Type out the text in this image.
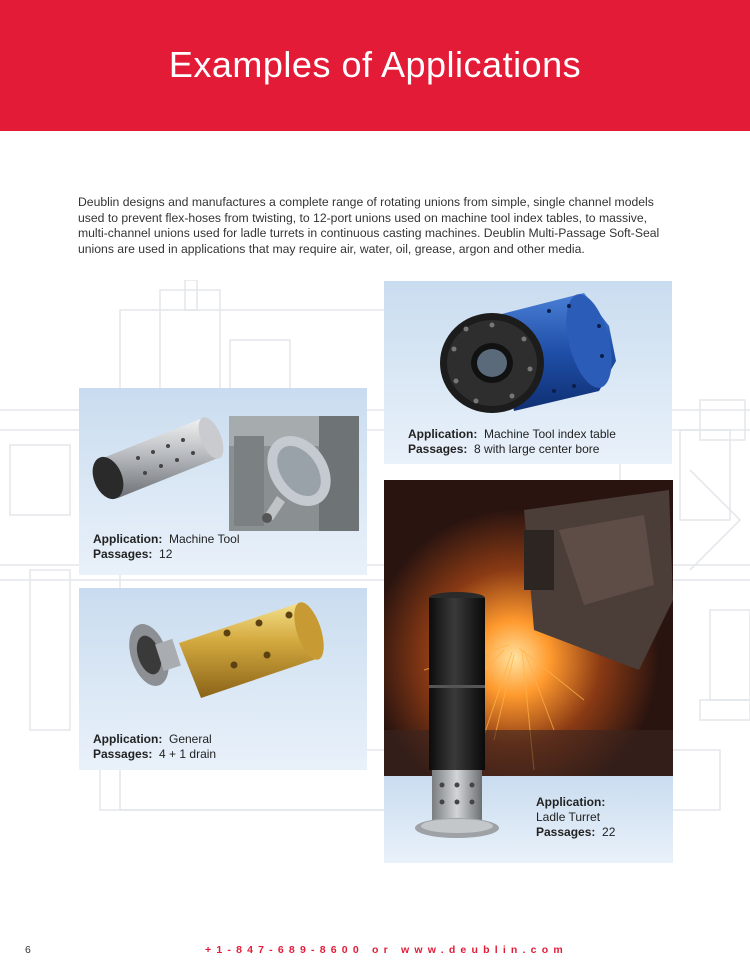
Examples of Applications

Deublin designs and manufactures a complete range of rotating unions from simple, single channel models used to prevent flex-hoses from twisting, to 12-port unions used on machine tool index tables, to massive, multi-channel unions used for ladle turrets in continuous casting machines. Deublin Multi-Passage Soft-Seal unions are used in applications that may require air, water, oil, grease, argon and other media.

Application: Machine Tool index table
Passages: 8 with large center bore
Application: Machine Tool
Passages: 12
Application: General
Passages: 4 + 1 drain
Application:
Ladle Turret
Passages: 22
6	+1-847-689-8600 or www.deublin.com
